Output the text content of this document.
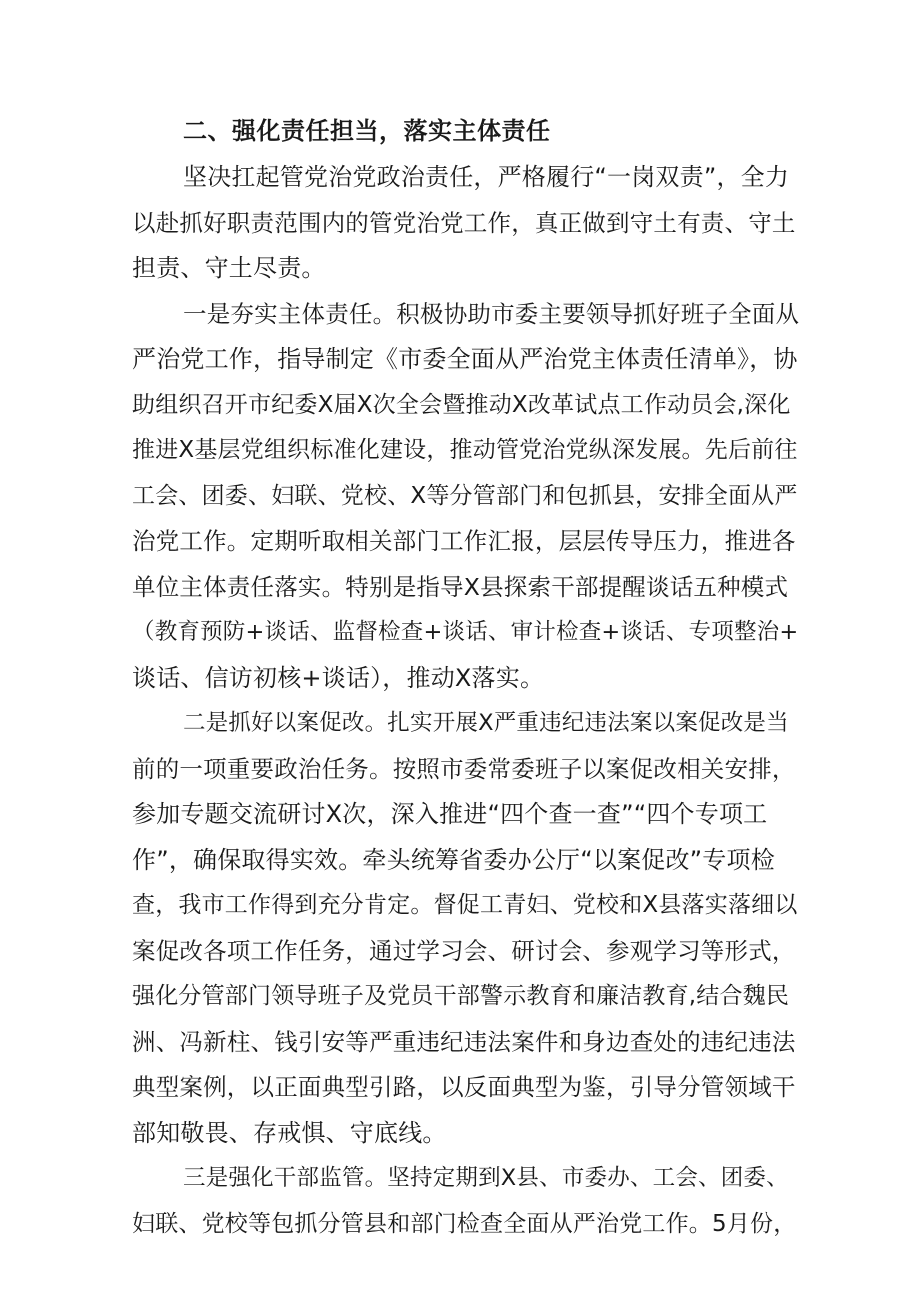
二、强化责任担当，落实主体责任
坚决扛起管党治党政治责任，严格履行“一岗双责”，全力
以赴抓好职责范围内的管党治党工作，真正做到守土有责、守土
担责、守土尽责。
一是夯实主体责任。积极协助市委主要领导抓好班子全面从
严治党工作，指导制定《市委全面从严治党主体责任清单》，协
助组织召开市纪委X届X次全会暨推动X改革试点工作动员会,深化
推进X基层党组织标准化建设，推动管党治党纵深发展。先后前往
工会、团委、妇联、党校、X等分管部门和包抓县，安排全面从严
治党工作。定期听取相关部门工作汇报，层层传导压力，推进各
单位主体责任落实。特别是指导X县探索干部提醒谈话五种模式
（教育预防+谈话、监督检查+谈话、审计检查+谈话、专项整治+
谈话、信访初核+谈话），推动X落实。
二是抓好以案促改。扎实开展X严重违纪违法案以案促改是当
前的一项重要政治任务。按照市委常委班子以案促改相关安排，
参加专题交流研讨X次，深入推进“四个查一查”“四个专项工
作”，确保取得实效。牵头统筹省委办公厅“以案促改”专项检
查，我市工作得到充分肯定。督促工青妇、党校和X县落实落细以
案促改各项工作任务，通过学习会、研讨会、参观学习等形式，
强化分管部门领导班子及党员干部警示教育和廉洁教育,结合魏民
洲、冯新柱、钱引安等严重违纪违法案件和身边查处的违纪违法
典型案例，以正面典型引路，以反面典型为鉴，引导分管领域干
部知敬畏、存戒惧、守底线。
三是强化干部监管。坚持定期到X县、市委办、工会、团委、
妇联、党校等包抓分管县和部门检查全面从严治党工作。5月份，
